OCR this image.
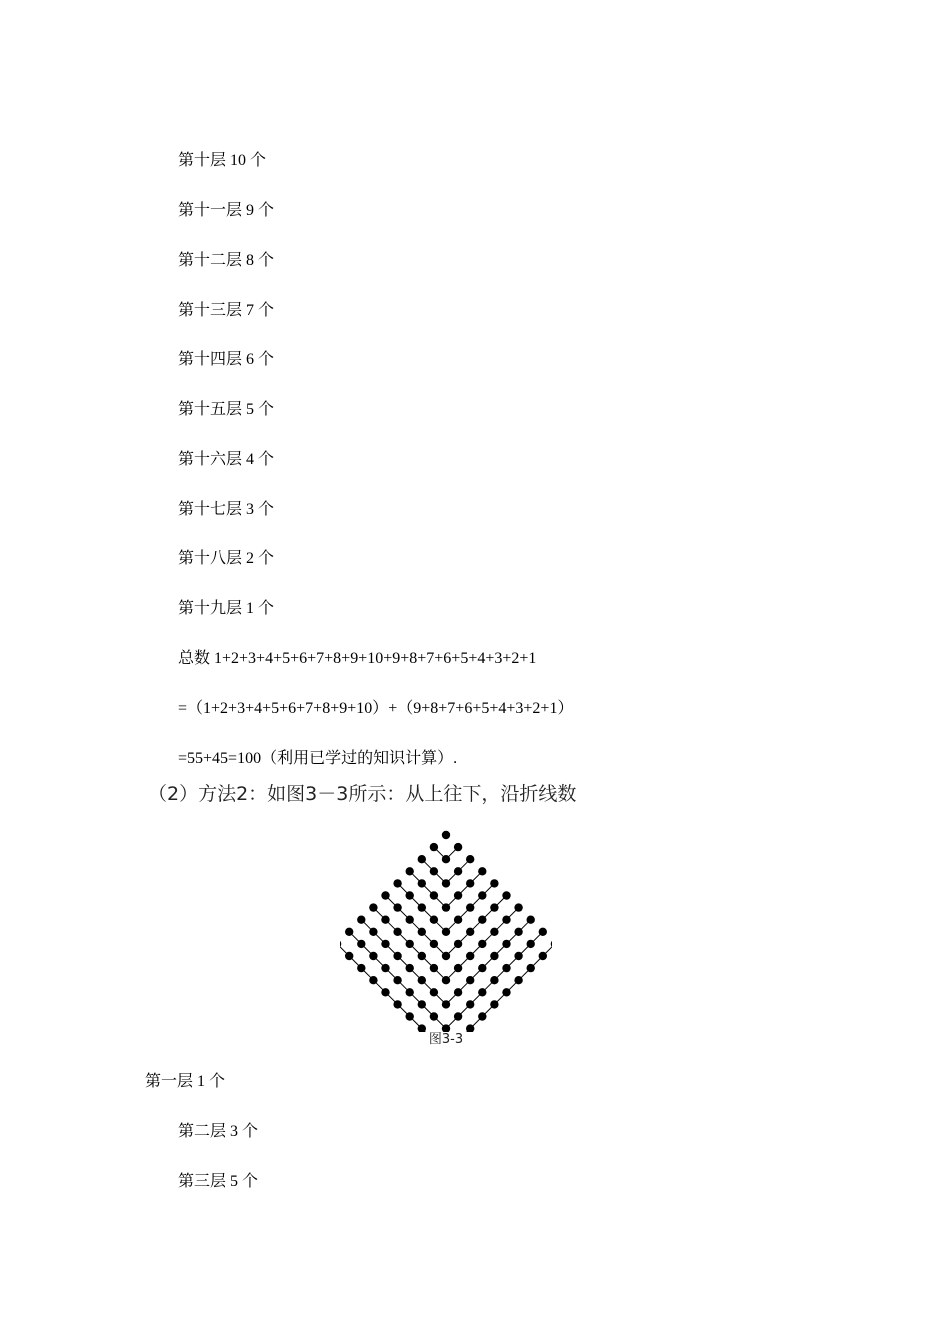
第十层 10 个
第十一层 9 个
第十二层 8 个
第十三层 7 个
第十四层 6 个
第十五层 5 个
第十六层 4 个
第十七层 3 个
第十八层 2 个
第十九层 1 个
总数 1+2+3+4+5+6+7+8+9+10+9+8+7+6+5+4+3+2+1
=（1+2+3+4+5+6+7+8+9+10）+（9+8+7+6+5+4+3+2+1）
=55+45=100（利用已学过的知识计算）.
（2）方法2：如图3－3所示：从上往下，沿折线数
图3-3
第一层 1 个
第二层 3 个
第三层 5 个
